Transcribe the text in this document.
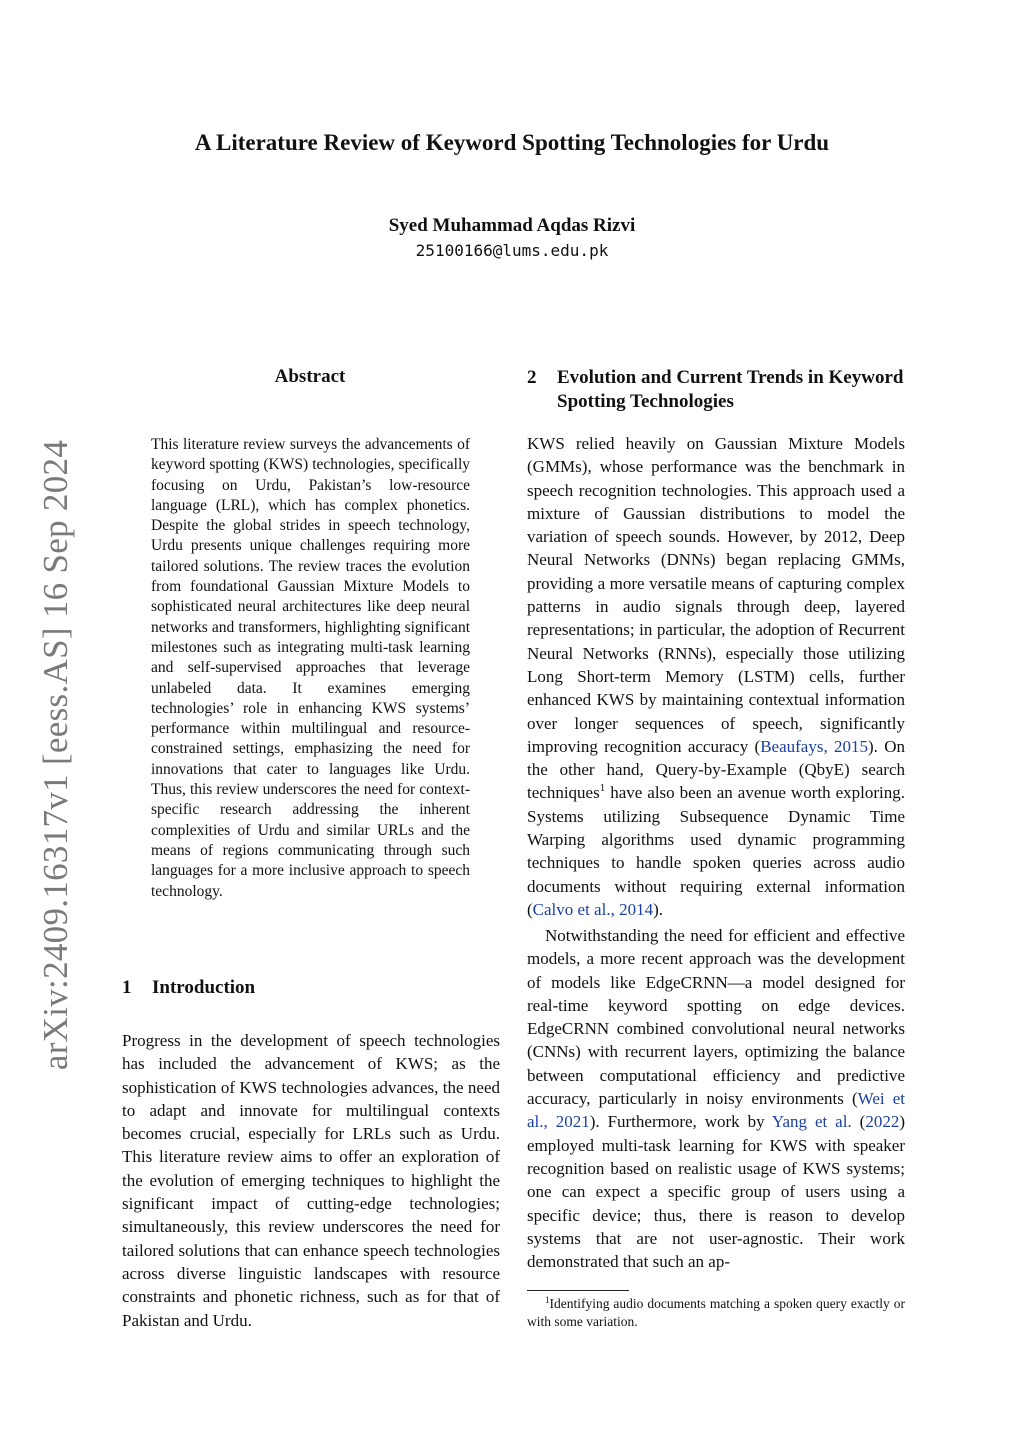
arXiv:2409.16317v1 [eess.AS] 16 Sep 2024
A Literature Review of Keyword Spotting Technologies for Urdu
Syed Muhammad Aqdas Rizvi
25100166@lums.edu.pk
Abstract
This literature review surveys the advancements of keyword spotting (KWS) technologies, specifically focusing on Urdu, Pakistan’s low-resource language (LRL), which has complex phonetics. Despite the global strides in speech technology, Urdu presents unique challenges requiring more tailored solutions. The review traces the evolution from foundational Gaussian Mixture Models to sophisticated neural architectures like deep neural networks and transformers, highlighting significant milestones such as integrating multi-task learning and self-supervised approaches that leverage unlabeled data. It examines emerging technologies’ role in enhancing KWS systems’ performance within multilingual and resource-constrained settings, emphasizing the need for innovations that cater to languages like Urdu. Thus, this review underscores the need for context-specific research addressing the inherent complexities of Urdu and similar URLs and the means of regions communicating through such languages for a more inclusive approach to speech technology.
1 Introduction
Progress in the development of speech technologies has included the advancement of KWS; as the sophistication of KWS technologies advances, the need to adapt and innovate for multilingual contexts becomes crucial, especially for LRLs such as Urdu. This literature review aims to offer an exploration of the evolution of emerging techniques to highlight the significant impact of cutting-edge technologies; simultaneously, this review underscores the need for tailored solutions that can enhance speech technologies across diverse linguistic landscapes with resource constraints and phonetic richness, such as for that of Pakistan and Urdu.
2 Evolution and Current Trends in Keyword Spotting Technologies
KWS relied heavily on Gaussian Mixture Models (GMMs), whose performance was the benchmark in speech recognition technologies. This approach used a mixture of Gaussian distributions to model the variation of speech sounds. However, by 2012, Deep Neural Networks (DNNs) began replacing GMMs, providing a more versatile means of capturing complex patterns in audio signals through deep, layered representations; in particular, the adoption of Recurrent Neural Networks (RNNs), especially those utilizing Long Short-term Memory (LSTM) cells, further enhanced KWS by maintaining contextual information over longer sequences of speech, significantly improving recognition accuracy (Beaufays, 2015). On the other hand, Query-by-Example (QbyE) search techniques$^1$ have also been an avenue worth exploring. Systems utilizing Subsequence Dynamic Time Warping algorithms used dynamic programming techniques to handle spoken queries across audio documents without requiring external information (Calvo et al., 2014).
Notwithstanding the need for efficient and effective models, a more recent approach was the development of models like EdgeCRNN—a model designed for real-time keyword spotting on edge devices. EdgeCRNN combined convolutional neural networks (CNNs) with recurrent layers, optimizing the balance between computational efficiency and predictive accuracy, particularly in noisy environments (Wei et al., 2021). Furthermore, work by Yang et al. (2022) employed multi-task learning for KWS with speaker recognition based on realistic usage of KWS systems; one can expect a specific group of users using a specific device; thus, there is reason to develop systems that are not user-agnostic. Their work demonstrated that such an ap-
$^1$Identifying audio documents matching a spoken query exactly or with some variation.
